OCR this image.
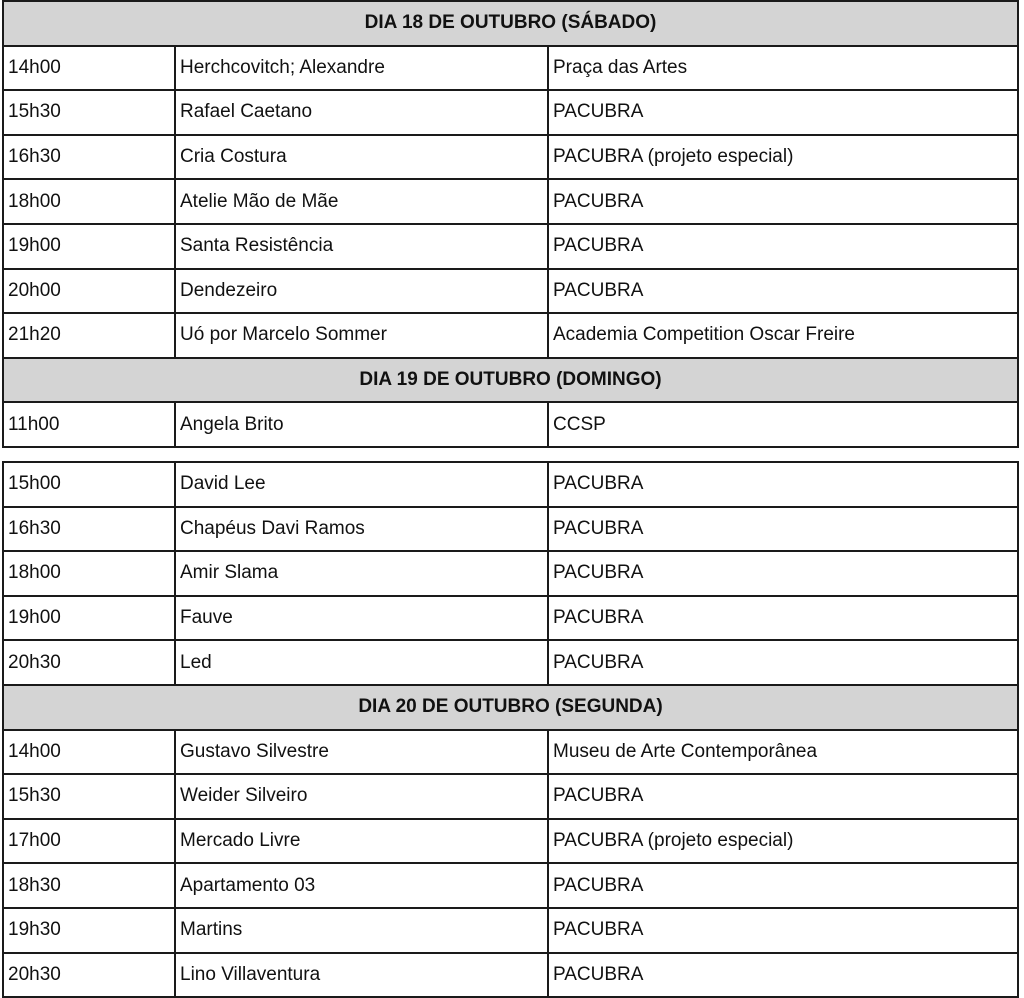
DIA 18 DE OUTUBRO (SÁBADO)		
14h00	Herchcovitch; Alexandre	Praça das Artes
15h30	Rafael Caetano	PACUBRA
16h30	Cria Costura	PACUBRA (projeto especial)
18h00	Atelie Mão de Mãe	PACUBRA
19h00	Santa Resistência	PACUBRA
20h00	Dendezeiro	PACUBRA
21h20	Uó por Marcelo Sommer	Academia Competition Oscar Freire
DIA 19 DE OUTUBRO (DOMINGO)		
11h00	Angela Brito	CCSP
15h00	David Lee	PACUBRA
16h30	Chapéus Davi Ramos	PACUBRA
18h00	Amir Slama	PACUBRA
19h00	Fauve	PACUBRA
20h30	Led	PACUBRA
DIA 20 DE OUTUBRO (SEGUNDA)		
14h00	Gustavo Silvestre	Museu de Arte Contemporânea
15h30	Weider Silveiro	PACUBRA
17h00	Mercado Livre	PACUBRA (projeto especial)
18h30	Apartamento 03	PACUBRA
19h30	Martins	PACUBRA
20h30	Lino Villaventura	PACUBRA
